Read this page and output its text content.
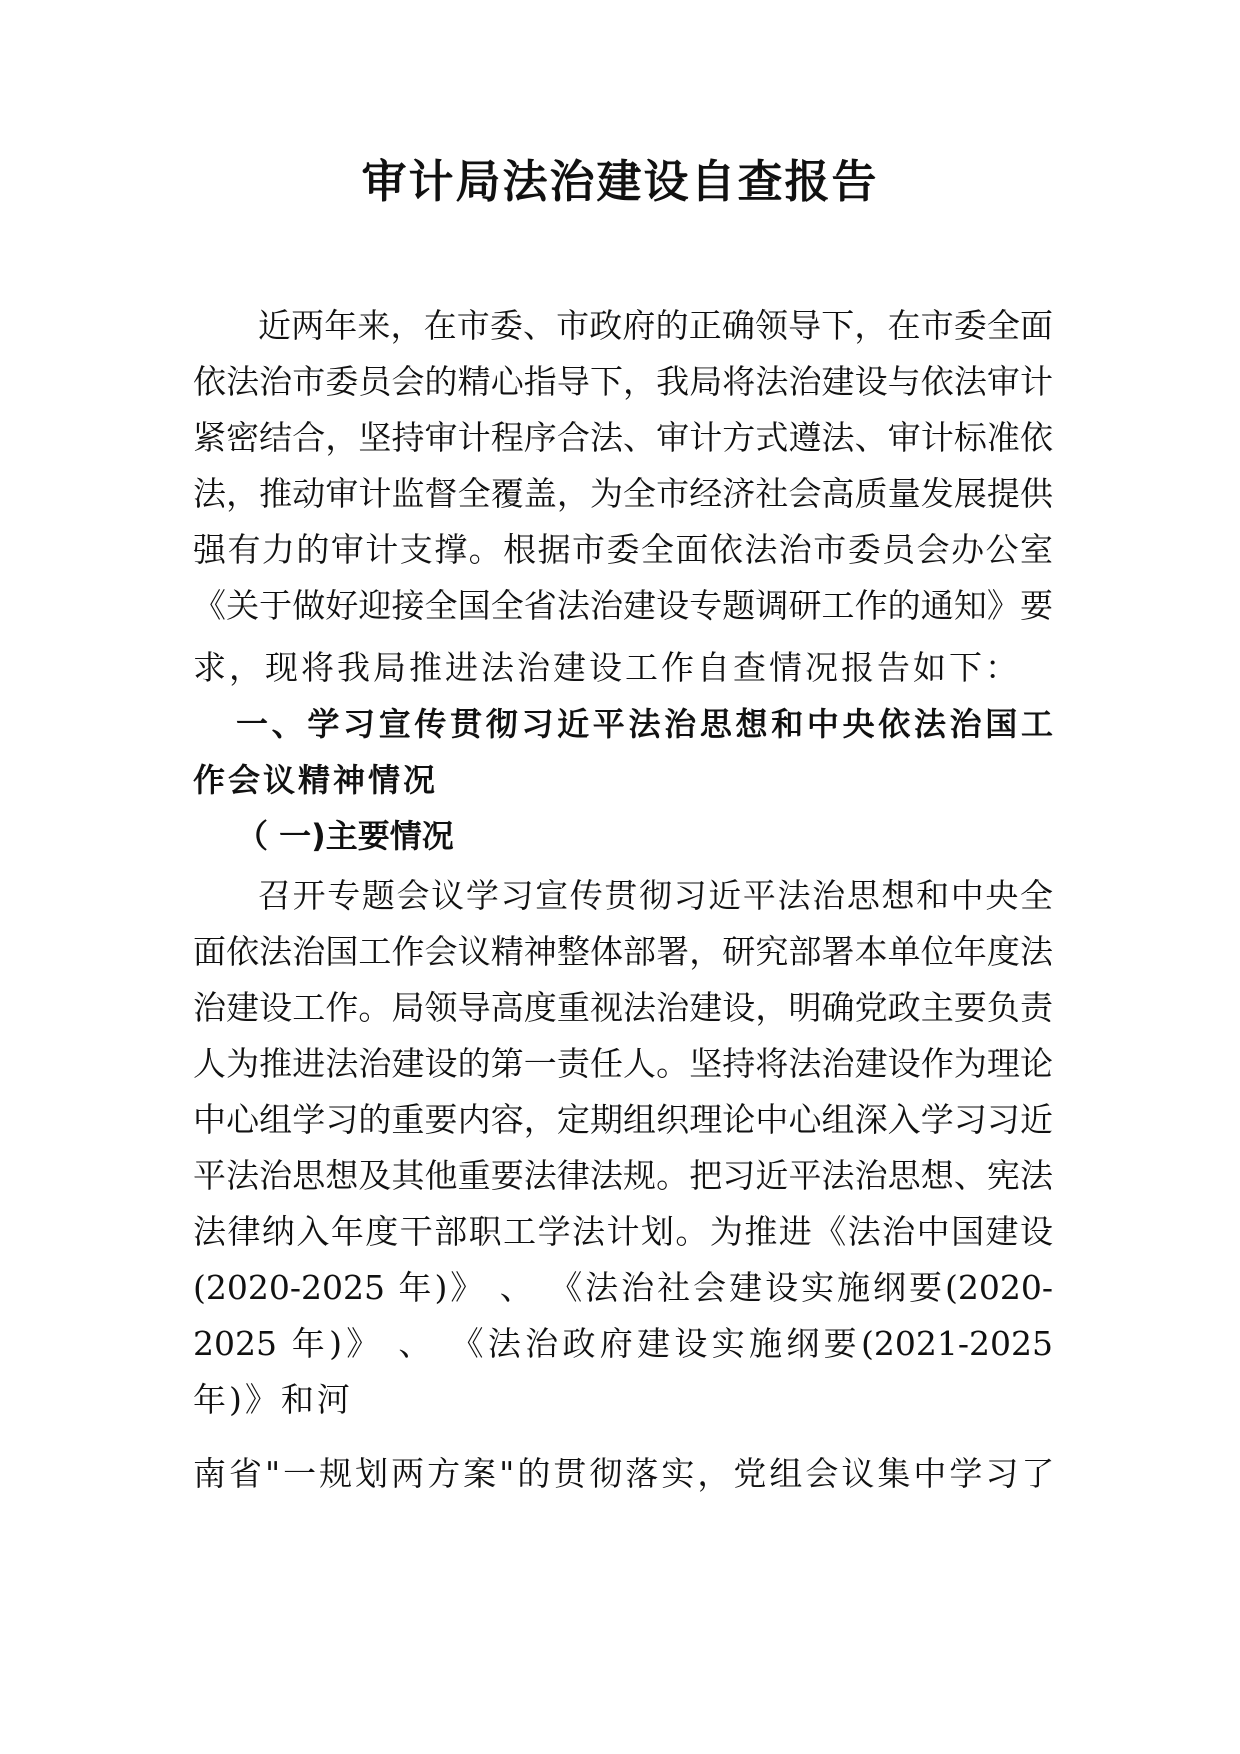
审计局法治建设自查报告
近两年来，在市委、市政府的正确领导下，在市委全面
依法治市委员会的精心指导下，我局将法治建设与依法审计
紧密结合，坚持审计程序合法、审计方式遵法、审计标准依
法，推动审计监督全覆盖，为全市经济社会高质量发展提供
强有力的审计支撑。根据市委全面依法治市委员会办公室
《关于做好迎接全国全省法治建设专题调研工作的通知》要
求，现将我局推进法治建设工作自查情况报告如下：
一、学习宣传贯彻习近平法治思想和中央依法治国工
作会议精神情况
（ 一)主要情况
召开专题会议学习宣传贯彻习近平法治思想和中央全
面依法治国工作会议精神整体部署，研究部署本单位年度法
治建设工作。局领导高度重视法治建设，明确党政主要负责
人为推进法治建设的第一责任人。坚持将法治建设作为理论
中心组学习的重要内容，定期组织理论中心组深入学习习近
平法治思想及其他重要法律法规。把习近平法治思想、宪法
法律纳入年度干部职工学法计划。为推进《法治中国建设
(2020-2025 年)》 、 《法治社会建设实施纲要(2020-
2025 年)》 、 《法治政府建设实施纲要(2021-2025
年)》和河
南省"一规划两方案"的贯彻落实，党组会议集中学习了
